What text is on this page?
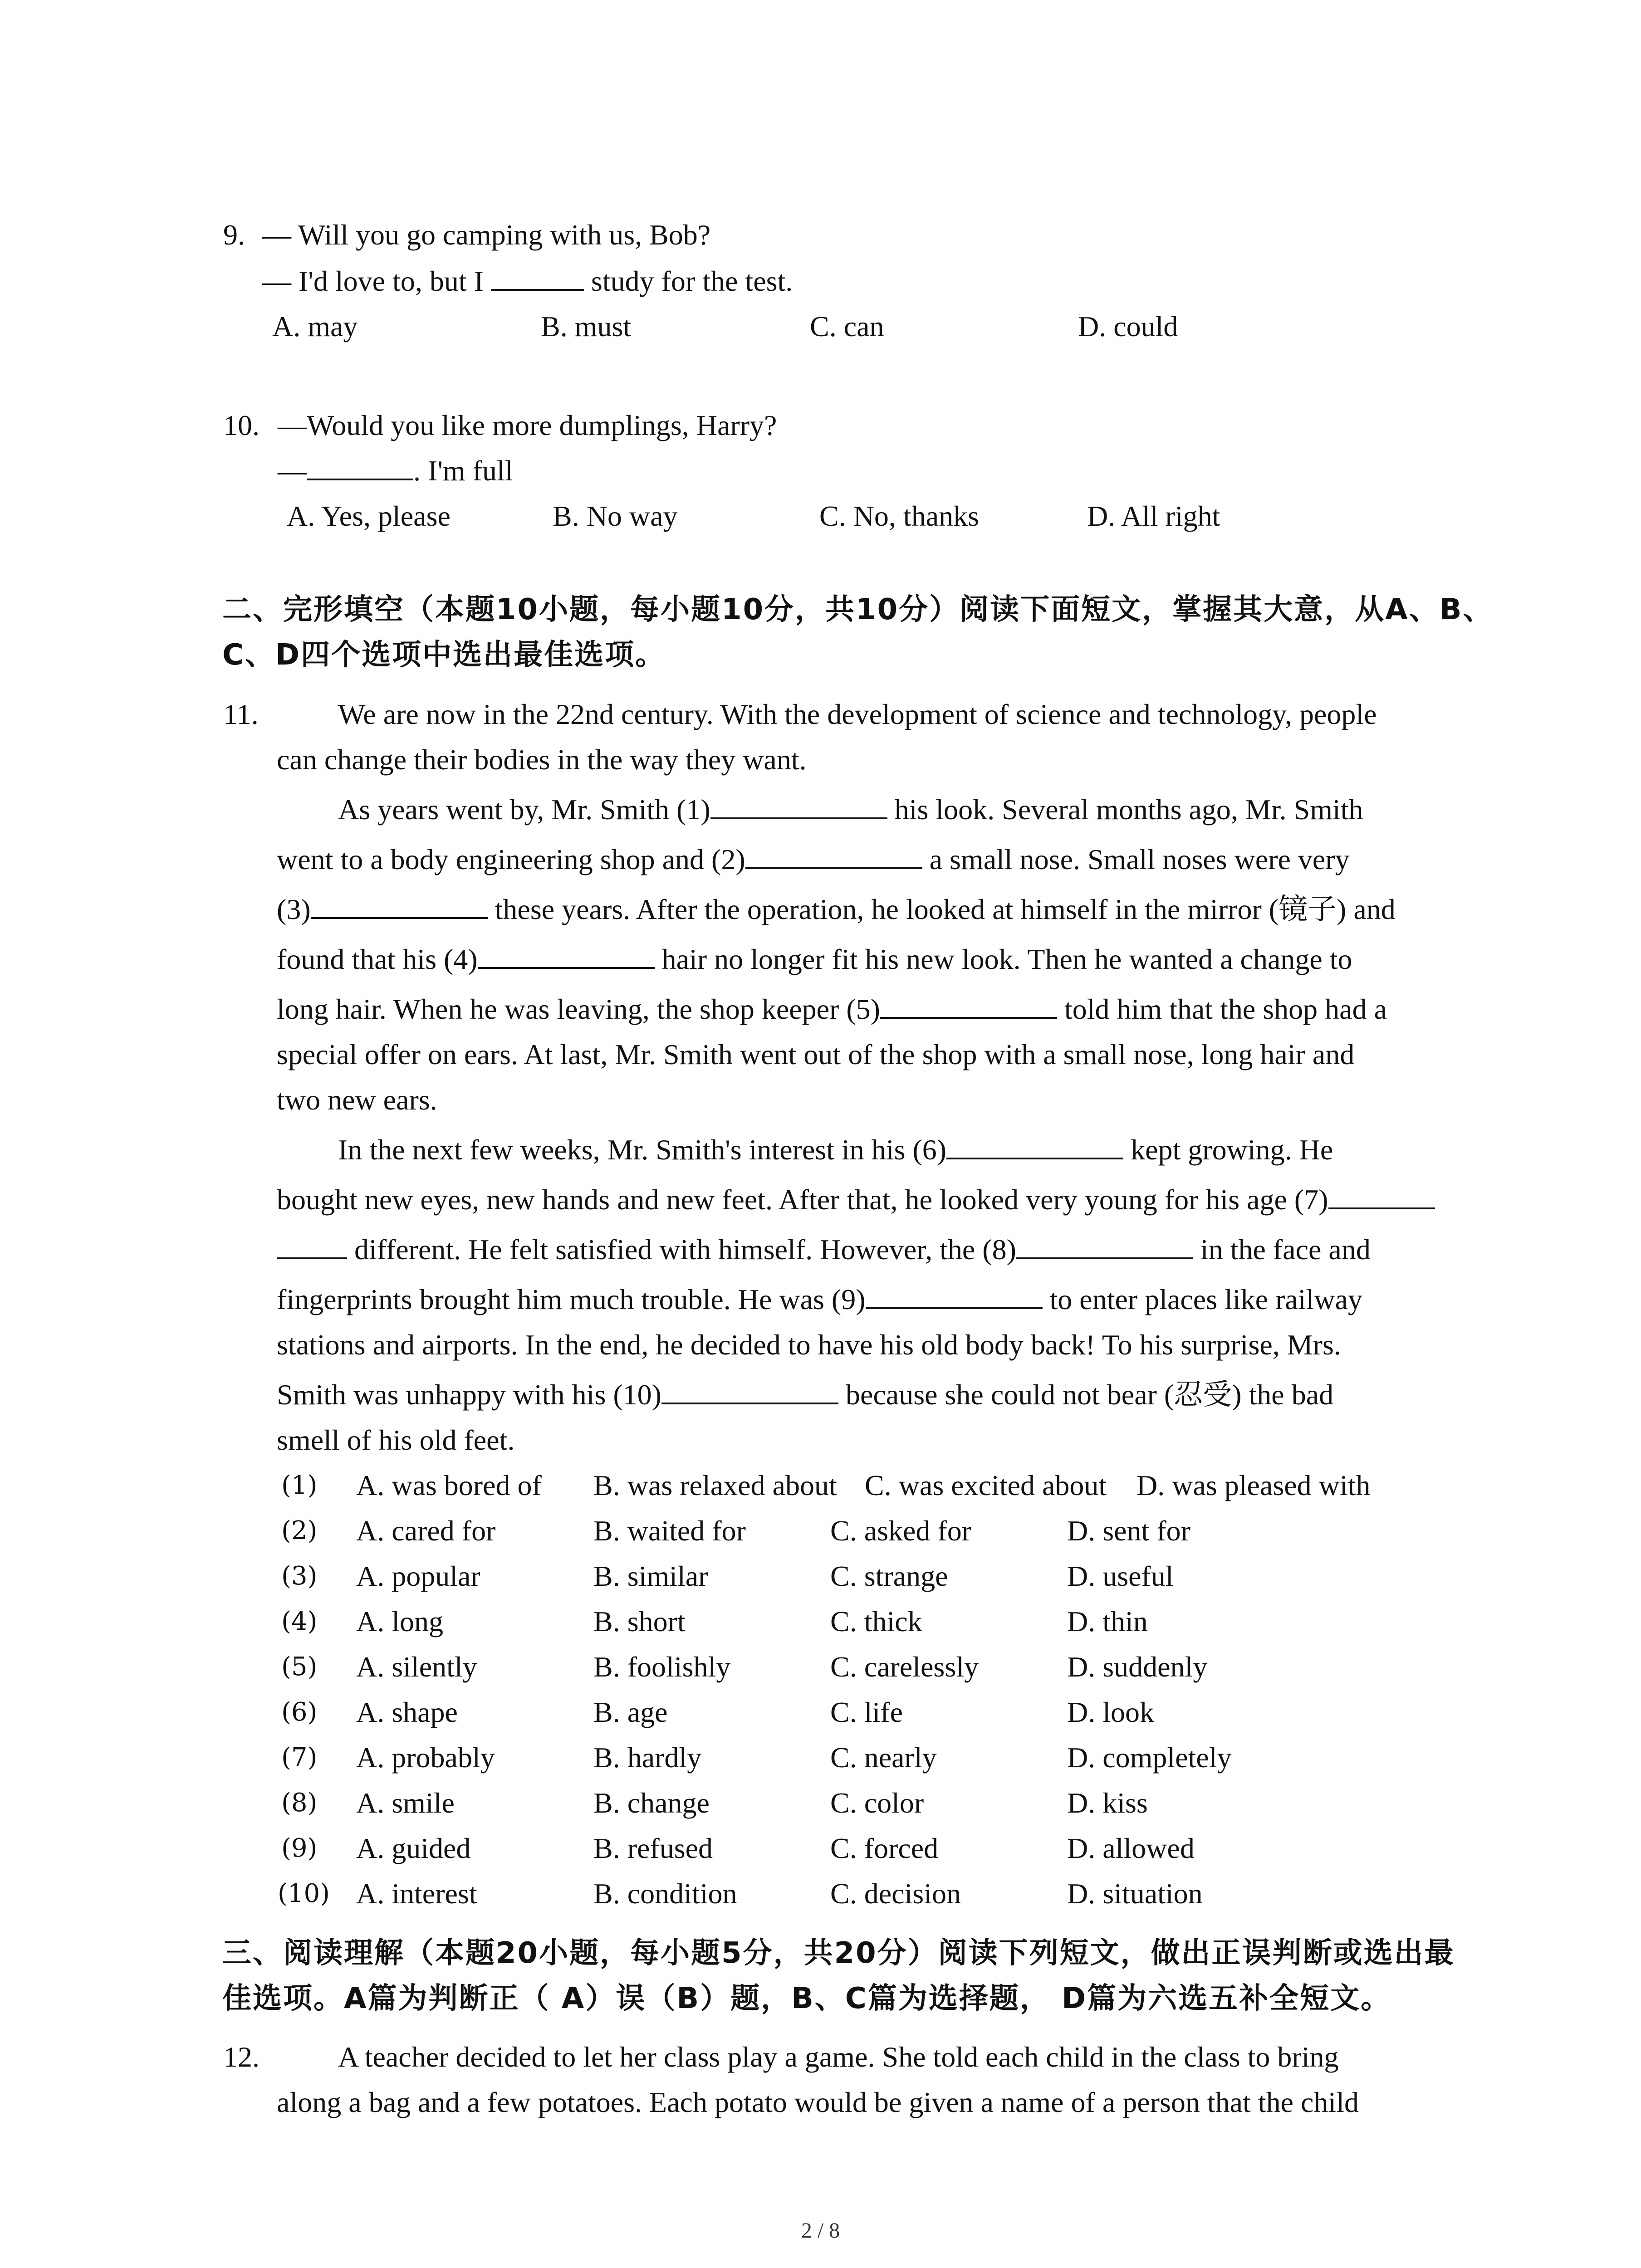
9. — Will you go camping with us, Bob?
— I'd love to, but I	study for the test.
A. may	B. must	C. can	D. could
10. —Would you like more dumplings, Harry?
—	. I'm full
A. Yes, please	B. No way	C. No, thanks	D. All right
二、完形填空（本题10小题，每小题10分，共10分）阅读下面短文，掌握其大意，从A、B、
C、D四个选项中选出最佳选项。
11.	We are now in the 22nd century. With the development of science and technology, people
can change their bodies in the way they want.
As years went by, Mr. Smith (1)	his look. Several months ago, Mr. Smith
went to a body engineering shop and (2)	a small nose. Small noses were very
(3)	these years. After the operation, he looked at himself in the mirror (镜子) and
found that his (4)	hair no longer fit his new look. Then he wanted a change to
long hair. When he was leaving, the shop keeper (5)	told him that the shop had a
special offer on ears. At last, Mr. Smith went out of the shop with a small nose, long hair and
two new ears.
In the next few weeks, Mr. Smith's interest in his (6)	kept growing. He
bought new eyes, new hands and new feet. After that, he looked very young for his age (7)
different. He felt satisfied with himself. However, the (8)	in the face and
fingerprints brought him much trouble. He was (9)	to enter places like railway
stations and airports. In the end, he decided to have his old body back! To his surprise, Mrs.
Smith was unhappy with his (10)	because she could not bear (忍受) the bad
smell of his old feet.
(1) A. was bored of B. was relaxed about C. was excited about D. was pleased with
(2) A. cared for	B. waited for	C. asked for	D. sent for
(3) A. popular	B. similar	C. strange	D. useful
(4) A. long	B. short	C. thick	D. thin
(5) A. silently	B. foolishly	C. carelessly	D. suddenly
(6) A. shape	B. age	C. life	D. look
(7) A. probably	B. hardly	C. nearly	D. completely
(8) A. smile	B. change	C. color	D. kiss
(9) A. guided	B. refused	C. forced	D. allowed
(10) A. interest	B. condition	C. decision	D. situation
三、阅读理解（本题20小题，每小题5分，共20分）阅读下列短文，做出正误判断或选出最
佳选项。A篇为判断正（ A）误（B）题，B、C篇为选择题， D篇为六选五补全短文。
12.	A teacher decided to let her class play a game. She told each child in the class to bring
along a bag and a few potatoes. Each potato would be given a name of a person that the child
2 / 8
